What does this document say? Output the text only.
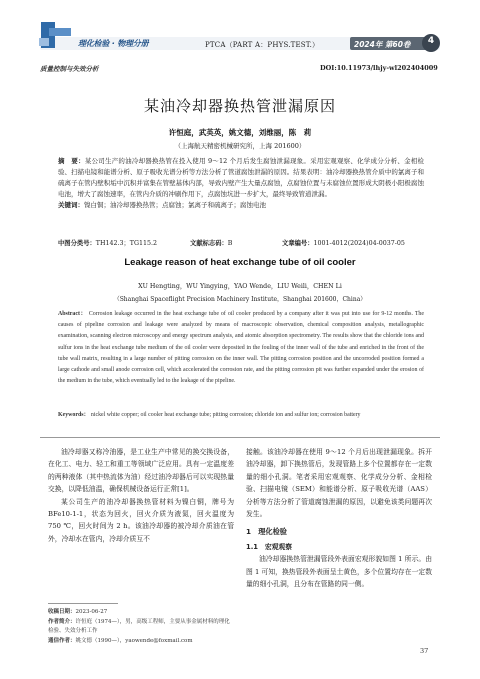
理化检验 · 物理分册	PTCA（PART A：PHYS.TEST.）	2024年 第60卷	4
质量控制与失效分析	DOI:10.11973/lhjy-wl202404009
某油冷却器换热管泄漏原因
许恒庭，武英英，姚文德，刘维丽，陈　莉
（上海航天精密机械研究所，上海 201600）
摘　要：某公司生产的油冷却器换热管在投入使用 9～12 个月后发生腐蚀泄漏现象。采用宏观观察、化学成分分析、金相检验、扫描电镜和能谱分析、原子吸收光谱分析等方法分析了管道腐蚀泄漏的原因。结果表明：油冷却器换热管介质中的氯离子和硫离子在管内壁积垢中沉积并富集在管壁基体内部，导致内壁产生大量点腐蚀，点腐蚀位置与未腐蚀位置形成大阴极小阳极腐蚀电池，增大了腐蚀速率，在管内介质的冲刷作用下，点腐蚀坑进一步扩大，最终导致管道泄漏。
关键词：镍白铜；油冷却器换热管；点腐蚀；氯离子和硫离子；腐蚀电池
中图分类号：TH142.3；TG115.2	文献标志码：B	文章编号：1001-4012(2024)04-0037-05
Leakage reason of heat exchange tube of oil cooler
XU Hengting，WU Yingying，YAO Wende，LIU Weili，CHEN Li
（Shanghai Spaceflight Precision Machinery Institute，Shanghai 201600，China）
Abstract： Corrosion leakage occurred in the heat exchange tube of oil cooler produced by a company after it was put into use for 9-12 months. The causes of pipeline corrosion and leakage were analyzed by means of macroscopic observation, chemical composition analysis, metallographic examination, scanning electron microscopy and energy spectrum analysis, and atomic absorption spectrometry. The results show that the chloride ions and sulfur ions in the heat exchange tube medium of the oil cooler were deposited in the fouling of the inner wall of the tube and enriched in the front of the tube wall matrix, resulting in a large number of pitting corrosion on the inner wall. The pitting corrosion position and the uncorroded position formed a large cathode and small anode corrosion cell, which accelerated the corrosion rate, and the pitting corrosion pit was further expanded under the erosion of the medium in the tube, which eventually led to the leakage of the pipeline.
Keywords： nickel white copper; oil cooler heat exchange tube; pitting corrosion; chloride ion and sulfur ion; corrosion battery

油冷却器又称冷油器，是工业生产中常见的换交换设备，在化工、电力、轻工和重工等领域广泛应用。具有一定温度差的两种液体（其中热流体为油）经过油冷却器后可以实现热量交换，以降低油温，确保机械设备运行正常[1]。

某公司生产的油冷却器换热管材料为镍白铜，牌号为 BFe10-1-1，状态为回火，回火介质为液氮，回火温度为 750 ℃，回火时间为 2 h。该油冷却器的被冷却介质油在管外，冷却水在管内，冷却介质互不

接触。该油冷却器在使用 9～12 个月后出现泄漏现象。拆开油冷却器，卸下换热管后，发现管路上多个位置都存在一定数量的细小孔洞。笔者采用宏观观察、化学成分分析、金相检验、扫描电镜（SEM）和能谱分析、原子吸收光谱（AAS）分析等方法分析了管道腐蚀泄漏的原因，以避免该类问题再次发生。

1　理化检验

1.1　宏观观察

油冷却器换热管泄漏管段外表面宏观形貌如图 1 所示。由图 1 可知，换热管段外表面呈土黄色，多个位置均存在一定数量的细小孔洞，且分布在管路的同一侧。

收稿日期：2023-06-27
作者简介：许恒庭（1974—），男，高级工程师，主要从事金属材料的理化检验、失效分析工作
通信作者：姚文德（1990—），yaowende@foxmail.com
37
